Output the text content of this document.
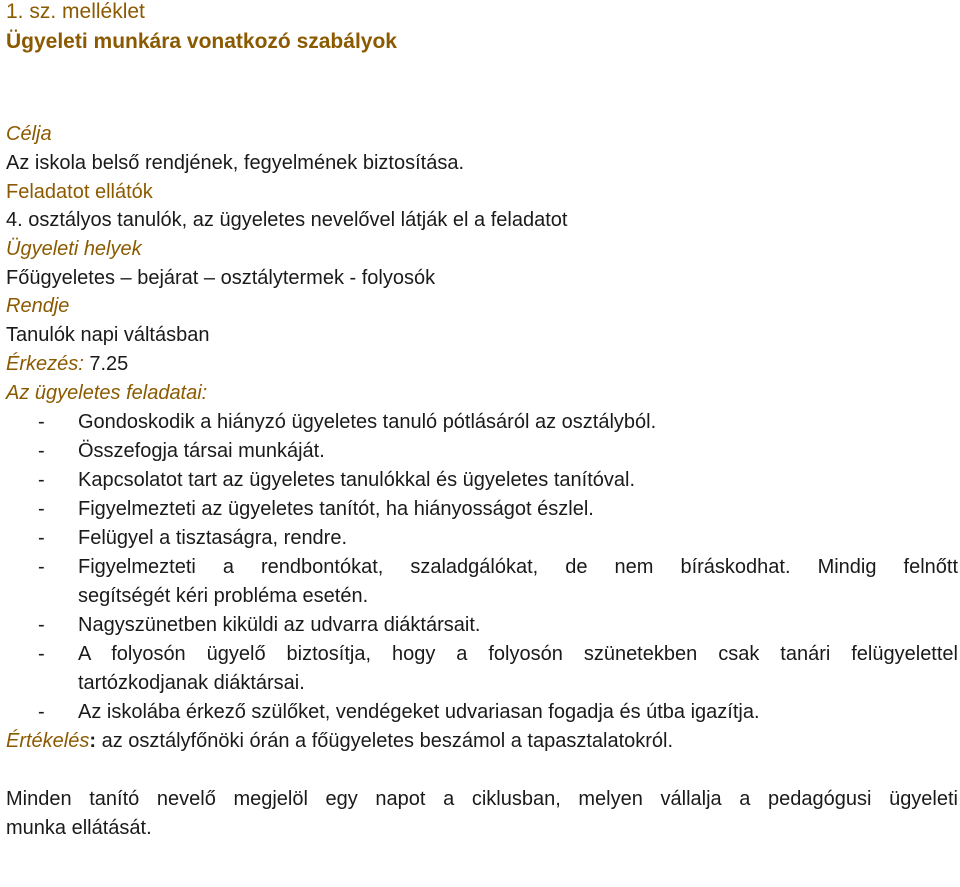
1. sz. melléklet
Ügyeleti munkára vonatkozó szabályok
Célja
Az iskola belső rendjének, fegyelmének biztosítása.
Feladatot ellátók
4. osztályos tanulók, az ügyeletes nevelővel látják el a feladatot
Ügyeleti helyek
Főügyeletes – bejárat – osztálytermek - folyosók
Rendje
Tanulók napi váltásban
Érkezés: 7.25
Az ügyeletes feladatai:
- Gondoskodik a hiányzó ügyeletes tanuló pótlásáról az osztályból.
- Összefogja társai munkáját.
- Kapcsolatot tart az ügyeletes tanulókkal és ügyeletes tanítóval.
- Figyelmezteti az ügyeletes tanítót, ha hiányosságot észlel.
- Felügyel a tisztaságra, rendre.
- Figyelmezteti a rendbontókat, szaladgálókat, de nem bíráskodhat. Mindig felnőtt
segítségét kéri probléma esetén.
- Nagyszünetben kiküldi az udvarra diáktársait.
- A folyosón ügyelő biztosítja, hogy a folyosón szünetekben csak tanári felügyelettel
tartózkodjanak diáktársai.
- Az iskolába érkező szülőket, vendégeket udvariasan fogadja és útba igazítja.
Értékelés: az osztályfőnöki órán a főügyeletes beszámol a tapasztalatokról.
Minden tanító nevelő megjelöl egy napot a ciklusban, melyen vállalja a pedagógusi ügyeleti
munka ellátását.
